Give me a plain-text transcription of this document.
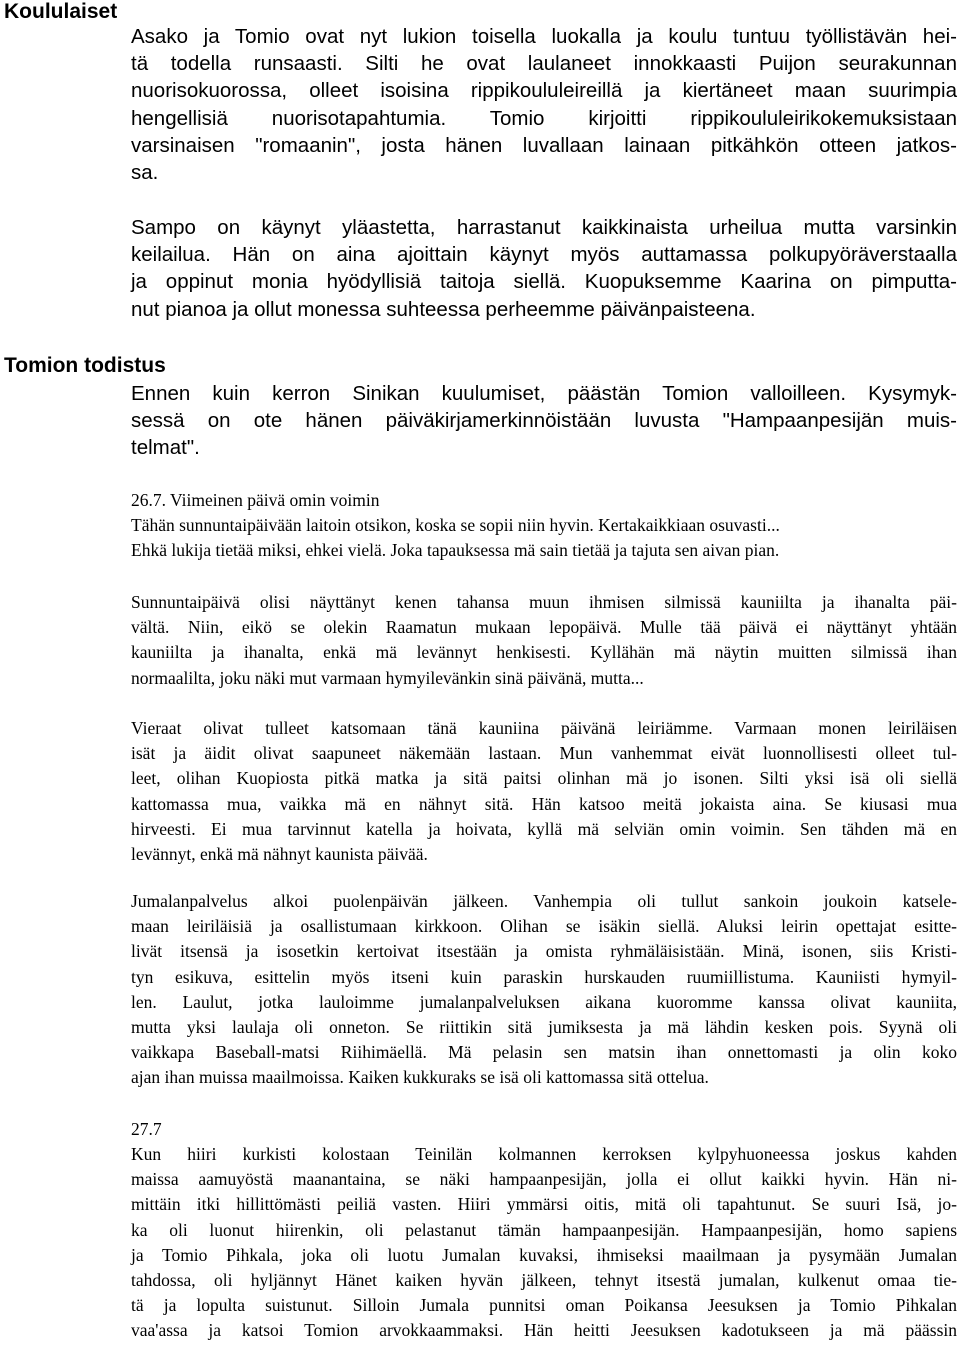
Koululaiset
Asako ja Tomio ovat nyt lukion toisella luokalla ja koulu tuntuu työllistävän hei-
tä todella runsaasti. Silti he ovat laulaneet innokkaasti Puijon seurakunnan
nuorisokuorossa, olleet isoisina rippikoululeireillä ja kiertäneet maan suurimpia
hengellisiä nuorisotapahtumia. Tomio kirjoitti rippikoululeirikokemuksistaan
varsinaisen "romaanin", josta hänen luvallaan lainaan pitkähkön otteen jatkos-
sa.
Sampo on käynyt yläastetta, harrastanut kaikkinaista urheilua mutta varsinkin
keilailua. Hän on aina ajoittain käynyt myös auttamassa polkupyöräverstaalla
ja oppinut monia hyödyllisiä taitoja siellä. Kuopuksemme Kaarina on pimputta-
nut pianoa ja ollut monessa suhteessa perheemme päivänpaisteena.
Tomion todistus
Ennen kuin kerron Sinikan kuulumiset, päästän Tomion valloilleen. Kysymyk-
sessä on ote hänen päiväkirjamerkinnöistään luvusta "Hampaanpesijän muis-
telmat".
26.7. Viimeinen päivä omin voimin
Tähän sunnuntaipäivään laitoin otsikon, koska se sopii niin hyvin. Kertakaikkiaan osuvasti...
Ehkä lukija tietää miksi, ehkei vielä. Joka tapauksessa mä sain tietää ja tajuta sen aivan pian.
Sunnuntaipäivä olisi näyttänyt kenen tahansa muun ihmisen silmissä kauniilta ja ihanalta päi-
vältä. Niin, eikö se olekin Raamatun mukaan lepopäivä. Mulle tää päivä ei näyttänyt yhtään
kauniilta ja ihanalta, enkä mä levännyt henkisesti. Kyllähän mä näytin muitten silmissä ihan
normaalilta, joku näki mut varmaan hymyilevänkin sinä päivänä, mutta...
Vieraat olivat tulleet katsomaan tänä kauniina päivänä leiriämme. Varmaan monen leiriläisen
isät ja äidit olivat saapuneet näkemään lastaan. Mun vanhemmat eivät luonnollisesti olleet tul-
leet, olihan Kuopiosta pitkä matka ja sitä paitsi olinhan mä jo isonen. Silti yksi isä oli siellä
kattomassa mua, vaikka mä en nähnyt sitä. Hän katsoo meitä jokaista aina. Se kiusasi mua
hirveesti. Ei mua tarvinnut katella ja hoivata, kyllä mä selviän omin voimin. Sen tähden mä en
levännyt, enkä mä nähnyt kaunista päivää.
Jumalanpalvelus alkoi puolenpäivän jälkeen. Vanhempia oli tullut sankoin joukoin katsele-
maan leiriläisiä ja osallistumaan kirkkoon. Olihan se isäkin siellä. Aluksi leirin opettajat esitte-
livät itsensä ja isosetkin kertoivat itsestään ja omista ryhmäläisistään. Minä, isonen, siis Kristi-
tyn esikuva, esittelin myös itseni kuin paraskin hurskauden ruumiillistuma. Kauniisti hymyil-
len. Laulut, jotka lauloimme jumalanpalveluksen aikana kuoromme kanssa olivat kauniita,
mutta yksi laulaja oli onneton. Se riittikin sitä jumiksesta ja mä lähdin kesken pois. Syynä oli
vaikkapa Baseball-matsi Riihimäellä. Mä pelasin sen matsin ihan onnettomasti ja olin koko
ajan ihan muissa maailmoissa. Kaiken kukkuraks se isä oli kattomassa sitä ottelua.
27.7
Kun hiiri kurkisti kolostaan Teinilän kolmannen kerroksen kylpyhuoneessa joskus kahden
maissa aamuyöstä maanantaina, se näki hampaanpesijän, jolla ei ollut kaikki hyvin. Hän ni-
mittäin itki hillittömästi peiliä vasten. Hiiri ymmärsi oitis, mitä oli tapahtunut. Se suuri Isä, jo-
ka oli luonut hiirenkin, oli pelastanut tämän hampaanpesijän. Hampaanpesijän, homo sapiens
ja Tomio Pihkala, joka oli luotu Jumalan kuvaksi, ihmiseksi maailmaan ja pysymään Jumalan
tahdossa, oli hyljännyt Hänet kaiken hyvän jälkeen, tehnyt itsestä jumalan, kulkenut omaa tie-
tä ja lopulta suistunut. Silloin Jumala punnitsi oman Poikansa Jeesuksen ja Tomio Pihkalan
vaa'assa ja katsoi Tomion arvokkaammaksi. Hän heitti Jeesuksen kadotukseen ja mä päässin
